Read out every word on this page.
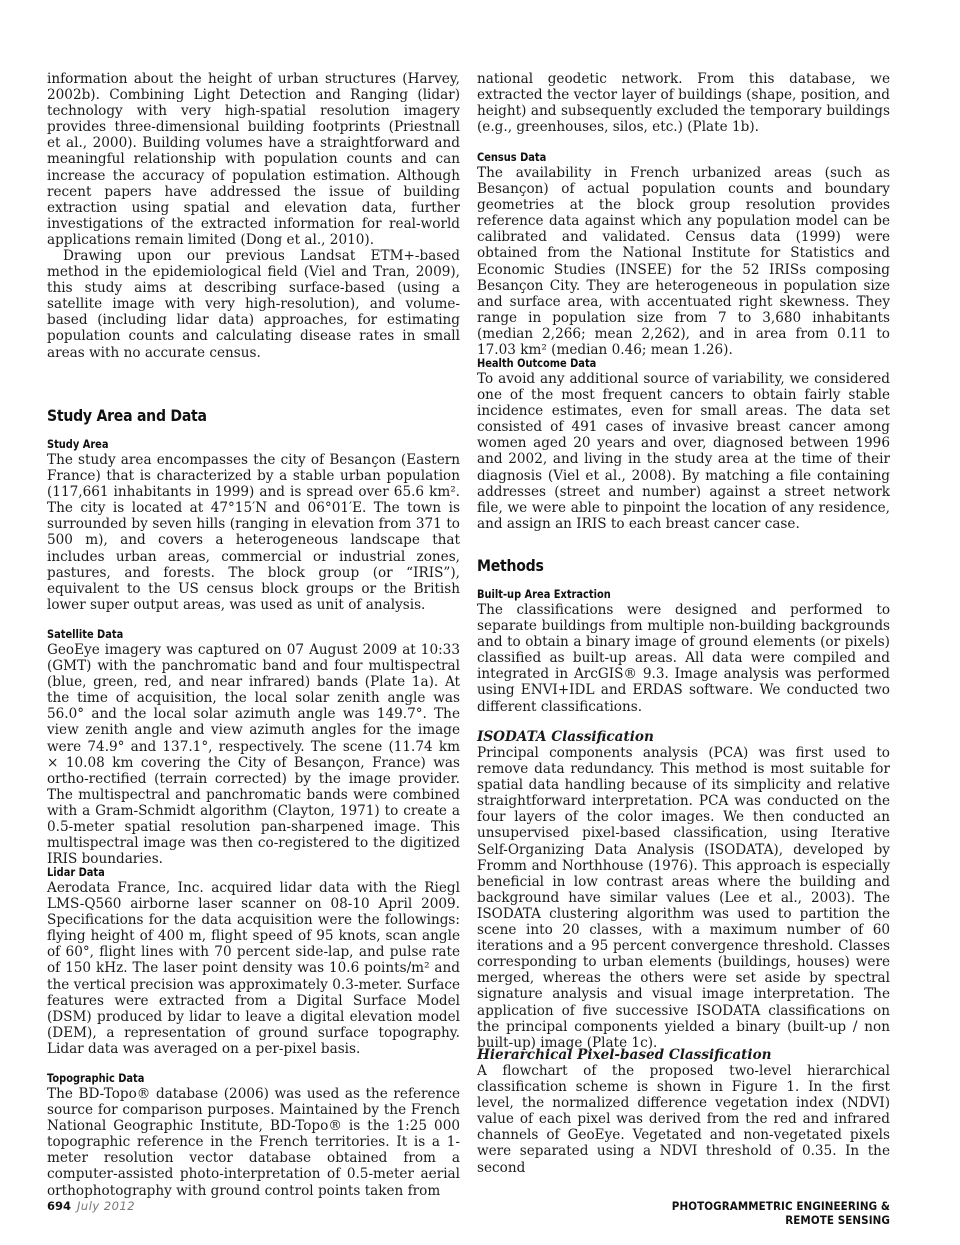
information about the height of urban structures (Harvey, 2002b). Combining Light Detection and Ranging (lidar) technology with very high-spatial resolution imagery provides three-dimensional building footprints (Priestnall et al., 2000). Building volumes have a straightforward and meaningful relationship with population counts and can increase the accuracy of population estimation. Although recent papers have addressed the issue of building extraction using spatial and elevation data, further investigations of the extracted information for real-world applications remain limited (Dong et al., 2010).

Drawing upon our previous Landsat ETM+-based method in the epidemiological field (Viel and Tran, 2009), this study aims at describing surface-based (using a satellite image with very high-resolution), and volume-based (including lidar data) approaches, for estimating population counts and calculating disease rates in small areas with no accurate census.

Study Area and Data
Study Area

The study area encompasses the city of Besançon (Eastern France) that is characterized by a stable urban population (117,661 inhabitants in 1999) and is spread over 65.6 km². The city is located at 47°15′N and 06°01′E. The town is surrounded by seven hills (ranging in elevation from 371 to 500 m), and covers a heterogeneous landscape that includes urban areas, commercial or industrial zones, pastures, and forests. The block group (or “IRIS”), equivalent to the US census block groups or the British lower super output areas, was used as unit of analysis.

Satellite Data

GeoEye imagery was captured on 07 August 2009 at 10:33 (GMT) with the panchromatic band and four multispectral (blue, green, red, and near infrared) bands (Plate 1a). At the time of acquisition, the local solar zenith angle was 56.0° and the local solar azimuth angle was 149.7°. The view zenith angle and view azimuth angles for the image were 74.9° and 137.1°, respectively. The scene (11.74 km × 10.08 km covering the City of Besançon, France) was ortho-rectified (terrain corrected) by the image provider. The multispectral and panchromatic bands were combined with a Gram-Schmidt algorithm (Clayton, 1971) to create a 0.5-meter spatial resolution pan-sharpened image. This multispectral image was then co-registered to the digitized IRIS boundaries.

Lidar Data

Aerodata France, Inc. acquired lidar data with the Riegl LMS-Q560 airborne laser scanner on 08-10 April 2009. Specifications for the data acquisition were the followings: flying height of 400 m, flight speed of 95 knots, scan angle of 60°, flight lines with 70 percent side-lap, and pulse rate of 150 kHz. The laser point density was 10.6 points/m² and the vertical precision was approximately 0.3-meter. Surface features were extracted from a Digital Surface Model (DSM) produced by lidar to leave a digital elevation model (DEM), a representation of ground surface topography. Lidar data was averaged on a per-pixel basis.

Topographic Data

The BD-Topo® database (2006) was used as the reference source for comparison purposes. Maintained by the French National Geographic Institute, BD-Topo® is the 1:25 000 topographic reference in the French territories. It is a 1-meter resolution vector database obtained from a computer-assisted photo-interpretation of 0.5-meter aerial orthophotography with ground control points taken from

national geodetic network. From this database, we extracted the vector layer of buildings (shape, position, and height) and subsequently excluded the temporary buildings (e.g., greenhouses, silos, etc.) (Plate 1b).

Census Data

The availability in French urbanized areas (such as Besançon) of actual population counts and boundary geometries at the block group resolution provides reference data against which any population model can be calibrated and validated. Census data (1999) were obtained from the National Institute for Statistics and Economic Studies (INSEE) for the 52 IRISs composing Besançon City. They are heterogeneous in population size and surface area, with accentuated right skewness. They range in population size from 7 to 3,680 inhabitants (median 2,266; mean 2,262), and in area from 0.11 to 17.03 km² (median 0.46; mean 1.26).

Health Outcome Data

To avoid any additional source of variability, we considered one of the most frequent cancers to obtain fairly stable incidence estimates, even for small areas. The data set consisted of 491 cases of invasive breast cancer among women aged 20 years and over, diagnosed between 1996 and 2002, and living in the study area at the time of their diagnosis (Viel et al., 2008). By matching a file containing addresses (street and number) against a street network file, we were able to pinpoint the location of any residence, and assign an IRIS to each breast cancer case.

Methods
Built-up Area Extraction

The classifications were designed and performed to separate buildings from multiple non-building backgrounds and to obtain a binary image of ground elements (or pixels) classified as built-up areas. All data were compiled and integrated in ArcGIS® 9.3. Image analysis was performed using ENVI+IDL and ERDAS software. We conducted two different classifications.

ISODATA Classification

Principal components analysis (PCA) was first used to remove data redundancy. This method is most suitable for spatial data handling because of its simplicity and relative straightforward interpretation. PCA was conducted on the four layers of the color images. We then conducted an unsupervised pixel-based classification, using Iterative Self-Organizing Data Analysis (ISODATA), developed by Fromm and Northhouse (1976). This approach is especially beneficial in low contrast areas where the building and background have similar values (Lee et al., 2003). The ISODATA clustering algorithm was used to partition the scene into 20 classes, with a maximum number of 60 iterations and a 95 percent convergence threshold. Classes corresponding to urban elements (buildings, houses) were merged, whereas the others were set aside by spectral signature analysis and visual image interpretation. The application of five successive ISODATA classifications on the principal components yielded a binary (built-up / non built-up) image (Plate 1c).

Hierarchical Pixel-based Classification

A flowchart of the proposed two-level hierarchical classification scheme is shown in Figure 1. In the first level, the normalized difference vegetation index (NDVI) value of each pixel was derived from the red and infrared channels of GeoEye. Vegetated and non-vegetated pixels were separated using a NDVI threshold of 0.35. In the second

694 July 2012	PHOTOGRAMMETRIC ENGINEERING & REMOTE SENSING
